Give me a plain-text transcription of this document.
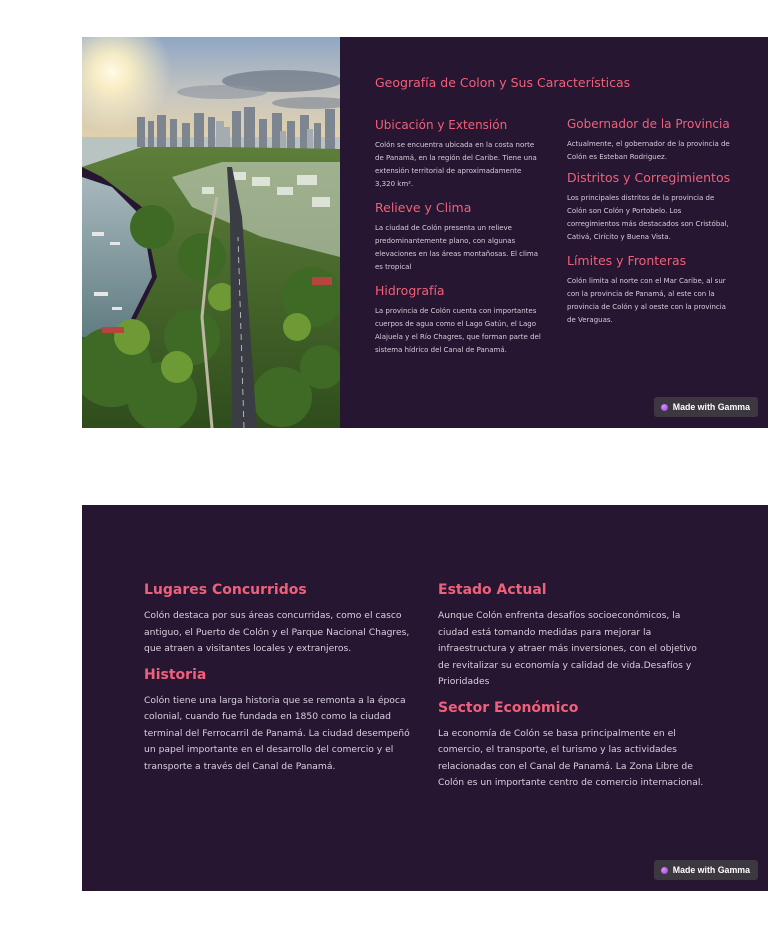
Geografía de Colon y Sus Características
Ubicación y Extensión

Colón se encuentra ubicada en la costa norte de Panamá, en la región del Caribe. Tiene una extensión territorial de aproximadamente 3,320 km².

Relieve y Clima

La ciudad de Colón presenta un relieve predominantemente plano, con algunas elevaciones en las áreas montañosas. El clima es tropical

Hidrografía

La provincia de Colón cuenta con importantes cuerpos de agua como el Lago Gatún, el Lago Alajuela y el Río Chagres, que forman parte del sistema hídrico del Canal de Panamá.

Gobernador de la Provincia

Actualmente, el gobernador de la provincia de Colón es Esteban Rodriguez.

Distritos y Corregimientos

Los principales distritos de la provincia de Colón son Colón y Portobelo. Los corregimientos más destacados son Cristóbal, Cativá, Cirícito y Buena Vista.

Límites y Fronteras

Colón limita al norte con el Mar Caribe, al sur con la provincia de Panamá, al este con la provincia de Colón y al oeste con la provincia de Veraguas.

Made with Gamma
Lugares Concurridos

Colón destaca por sus áreas concurridas, como el casco antiguo, el Puerto de Colón y el Parque Nacional Chagres, que atraen a visitantes locales y extranjeros.

Historia

Colón tiene una larga historia que se remonta a la época colonial, cuando fue fundada en 1850 como la ciudad terminal del Ferrocarril de Panamá. La ciudad desempeñó un papel importante en el desarrollo del comercio y el transporte a través del Canal de Panamá.

Estado Actual

Aunque Colón enfrenta desafíos socioeconómicos, la ciudad está tomando medidas para mejorar la infraestructura y atraer más inversiones, con el objetivo de revitalizar su economía y calidad de vida.Desafíos y Prioridades

Sector Económico

La economía de Colón se basa principalmente en el comercio, el transporte, el turismo y las actividades relacionadas con el Canal de Panamá. La Zona Libre de Colón es un importante centro de comercio internacional.

Made with Gamma
